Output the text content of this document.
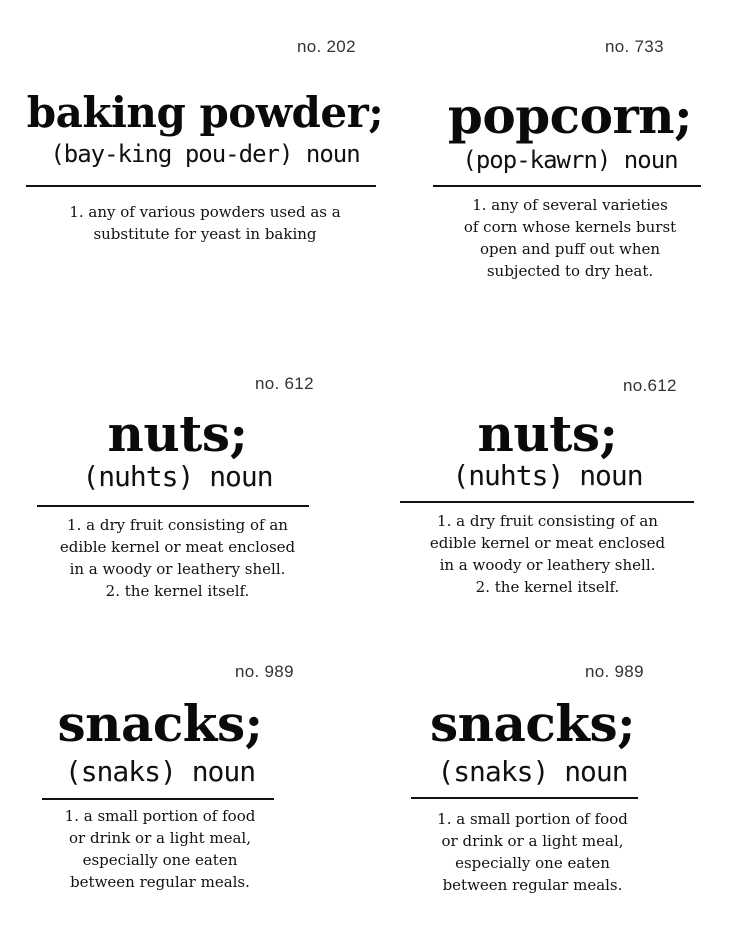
no. 202
baking powder;
(bay-king pou-der) noun
1. any of various powders used as a
substitute for yeast in baking
no. 733
popcorn;
(pop-kawrn) noun
1. any of several varieties
of corn whose kernels burst
open and puff out when
subjected to dry heat.
no. 612
nuts;
(nuhts) noun
1. a dry fruit consisting of an
edible kernel or meat enclosed
in a woody or leathery shell.
2. the kernel itself.
no.612
nuts;
(nuhts) noun
1. a dry fruit consisting of an
edible kernel or meat enclosed
in a woody or leathery shell.
2. the kernel itself.
no. 989
snacks;
(snaks) noun
1. a small portion of food
or drink or a light meal,
especially one eaten
between regular meals.
no. 989
snacks;
(snaks) noun
1. a small portion of food
or drink or a light meal,
especially one eaten
between regular meals.
